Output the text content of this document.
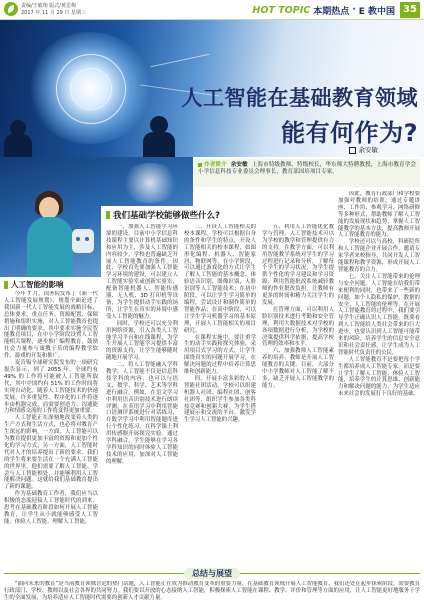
责编/王敏翔 版式/黄思梅
2017 年 11 月 29 日 星期三	HOT TOPIC 本期热点 · E 教中国 35
人工智能在基础教育领域
能有何作为?
余安敏

作者简介 余安敏 上海市特级教师、特级校长，华东师大特聘教授，上海市教育学会小学信息科技专业委员会理事长，教育部国培项目专家。

人工智能的影响

今年 7 月，国务院发布了《新一代人工智能发展规划》，规划全面论述了我国新一代人工智能发展的战略目标、总体要求、重点任务、资源配置、保障措施和组织实施，对人工智能教育也提出了明确的要求。其中要求实施全民智能教育项目，在中小学阶段设置人工智能相关课程，逐步推广编程教育，鼓励社会力量参与寓教于乐的编程教学软件、游戏的开发和推广。

麦肯锡全球研究院发布的一项研究报告显示，到了 2055 年，全球约有 49% 的工作将可能被人工智能所取代，其中中国约有 51% 的工作时间将实现自动化。随着人工智能技术的快速发展，许多重复性、程序化的工作将逐步由机器完成，而需要创造力、沟通能力和情感交流的工作将变得更加重要。

人工智能正在深刻地改变着人类的生产方式和生活方式，也必将对教育产生深远的影响。一方面，人工智能可以为教育提供更加丰富的资源和更加个性化的学习方式；另一方面，人工智能时代对人才的培养提出了新的要求。我们的学生将来要生活在一个充满人工智能的世界里，他们需要了解人工智能、学会与人工智能相处，并能够利用人工智能解决问题。这就给我们基础教育提出了新的课题。

作为基础教育工作者，我们应当以积极的态度迎接人工智能时代的到来，思考在基础教育阶段如何开展人工智能教育，让学生从小就能够感受人工智能、体验人工智能、理解人工智能。

我们基础学校能够做些什么?

一、加强人工智能学习环境的建设。目前中小学信息科技课程主要以计算机基础知识和应用为主，涉及人工智能的内容较少，学校也普遍缺乏开展人工智能教育的条件。因此，学校首先要加强人工智能学习环境的建设，可以建立人工智能实验室或创新实验室，配备智能机器人、智能传感器、无人机、3D 打印机等设备，为学生提供动手实践的场所，让学生在真实的环境中感受人工智能的魅力。

同时，学校还可以充分利用网络资源，引入各类人工智能学习平台和在线课程，为学生开展人工智能学习提供丰富的资源支持，让学生能够随时随地开展学习。

二、将人工智能融入学科教学。人工智能不仅是信息科技学科的内容，也可以与语文、数学、科学、艺术等学科进行融合。例如，在语文学习中利用语音识别技术进行朗读评测，在英语学习中利用智能口语测评系统进行对话练习，在数学学习中利用智能题库进行个性化练习，在科学课上利用传感器开展探究实验。通过学科融合，学生能够在学习各学科知识的同时体验人工智能技术的应用，加深对人工智能的理解。

三、开设人工智能相关的校本课程。学校可以根据自身的条件和学生的特点，开设人工智能相关的校本课程，如图形化编程、机器人、智能家居、物联网等。在小学阶段，可以通过游戏化的方式让学生了解人工智能的基本概念，体验语音识别、图像识别、人脸识别等人工智能技术；在初中阶段，可以让学生学习简单的编程，尝试设计和制作简单的智能作品；在高中阶段，可以让学生学习机器学习的基本原理，开展人工智能相关的项目研究。

在课程实施中，要注重学生的动手实践和探究体验，采用项目式学习的方式，让学生围绕真实的问题开展学习，在解决问题的过程中培养计算思维和创新能力。

四、开展丰富多彩的人工智能社团活动。学校可以组建机器人社团、编程社团、创客社团等，组织学生参加各类科技竞赛和创新大赛，为学生搭建展示和交流的平台，激发学生学习人工智能的兴趣。

五、利用人工智能优化教学与管理。人工智能技术可以为学校的教学和管理提供有力的支持。在教学方面，可以利用智能教学系统对学生的学习过程进行记录和分析，了解每个学生的学习状况，为学生提供个性化的学习建议和学习资源；利用智能批改系统减轻教师的作业批改负担，让教师有更多的时间和精力关注学生的发展。

在管理方面，可以利用人脸识别技术进行考勤和安全管理，利用大数据技术对学校的各项数据进行分析，为学校的决策提供科学依据，提高学校管理的效率和水平。

六、加强教师人工智能素养的培养。教师是开展人工智能教育的关键。目前，大部分中小学教师对人工智能了解不多，缺乏开展人工智能教学的能力。

因此，教育行政部门和学校要加强对教师的培训，通过专题讲座、工作坊、参观学习、网络研修等多种形式，帮助教师了解人工智能的发展现状和趋势，掌握人工智能教学的基本方法，提高教师开展人工智能教育的能力。

学校还可以与高校、科研院所和人工智能企业开展合作，邀请专家学者来校指导，共同开发人工智能课程和教学资源，形成开展人工智能教育的合力。

七、关注人工智能带来的伦理与安全问题。人工智能在给我们带来便利的同时，也带来了一些新的问题，如个人隐私的保护、数据的安全、人工智能的伦理等。在开展人工智能教育的过程中，我们要引导学生正确认识人工智能，既要看到人工智能给人类社会带来的巨大进步，也要认识到人工智能可能带来的风险，培养学生的信息安全意识和社会责任感，让学生成为人工智能时代负责任的公民。

人工智能教育不是要把每个学生都培养成人工智能专家，而是要让学生了解人工智能、体验人工智能，培养学生的计算思维、创新能力和解决问题的能力，为学生适应未来社会的发展打下良好的基础。

总结与展望

“面向未来的教育”是当前教育领域讨论的热门话题，人工智能正在成为推动教育变革的重要力量。在基础教育领域开展人工智能教育，我们还处在起步探索阶段，需要教育行政部门、学校、教师以及社会各界的共同努力。我们要以开放的心态接纳人工智能，积极探索人工智能在课程、教学、评价和管理等方面的应用，让人工智能更好地服务于学生的全面发展，为培养适应人工智能时代需要的创新人才贡献力量。
